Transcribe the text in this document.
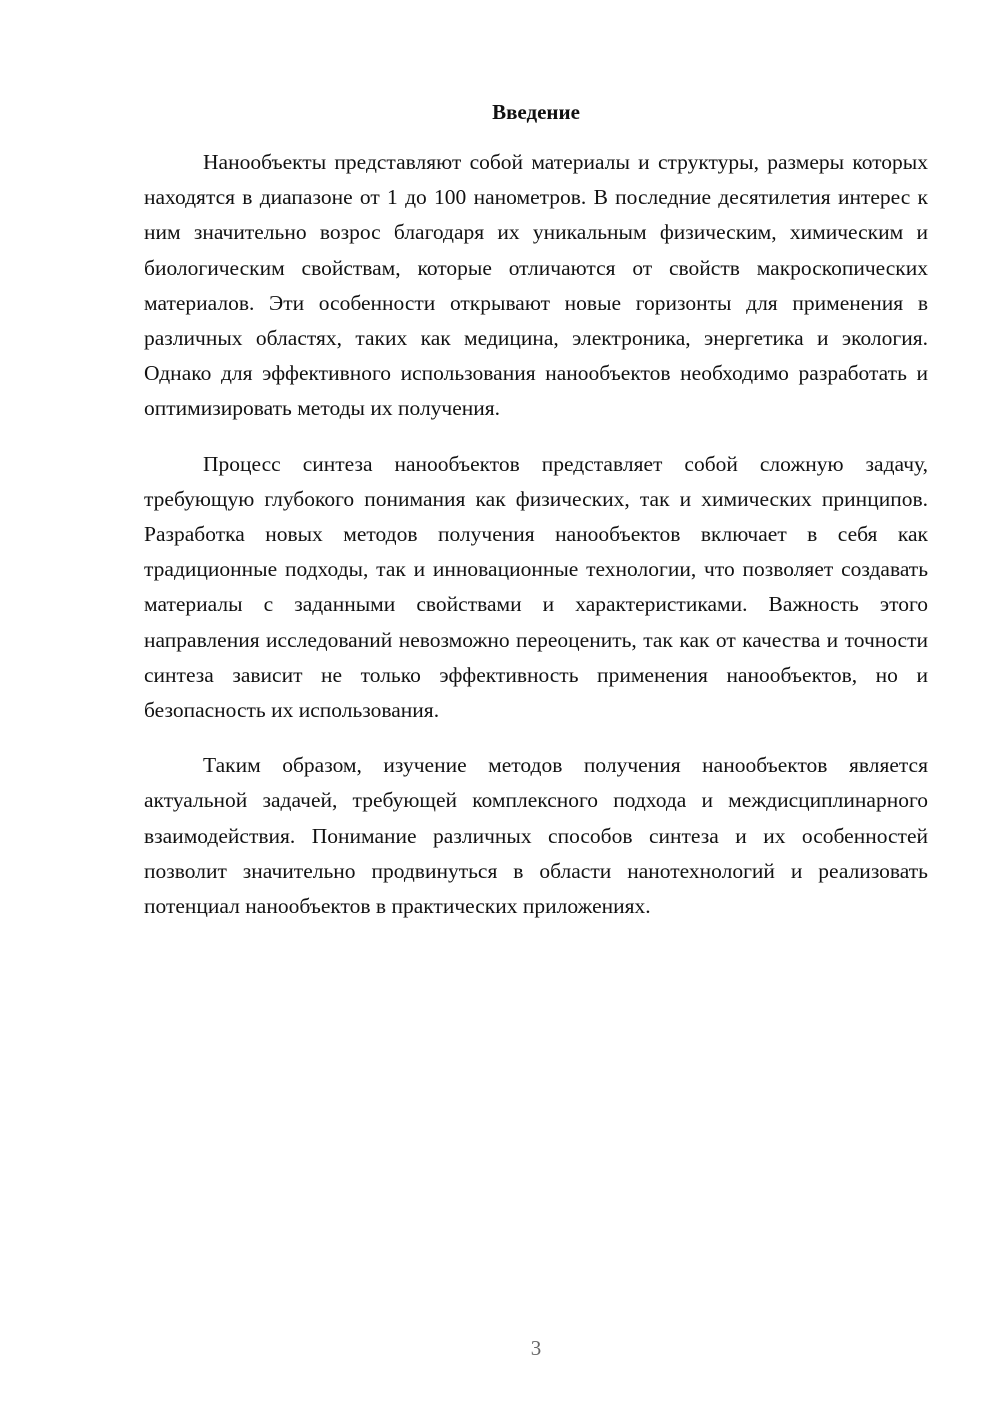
Введение

Нанообъекты представляют собой материалы и структуры, размеры которых находятся в диапазоне от 1 до 100 нанометров. В последние десятилетия интерес к ним значительно возрос благодаря их уникальным физическим, химическим и биологическим свойствам, которые отличаются от свойств макроскопических материалов. Эти особенности открывают новые горизонты для применения в различных областях, таких как медицина, электроника, энергетика и экология. Однако для эффективного использования нанообъектов необходимо разработать и оптимизировать методы их получения.

Процесс синтеза нанообъектов представляет собой сложную задачу, требующую глубокого понимания как физических, так и химических принципов. Разработка новых методов получения нанообъектов включает в себя как традиционные подходы, так и инновационные технологии, что позволяет создавать материалы с заданными свойствами и характеристиками. Важность этого направления исследований невозможно переоценить, так как от качества и точности синтеза зависит не только эффективность применения нанообъектов, но и безопасность их использования.

Таким образом, изучение методов получения нанообъектов является актуальной задачей, требующей комплексного подхода и междисциплинарного взаимодействия. Понимание различных способов синтеза и их особенностей позволит значительно продвинуться в области нанотехнологий и реализовать потенциал нанообъектов в практических приложениях.

3
